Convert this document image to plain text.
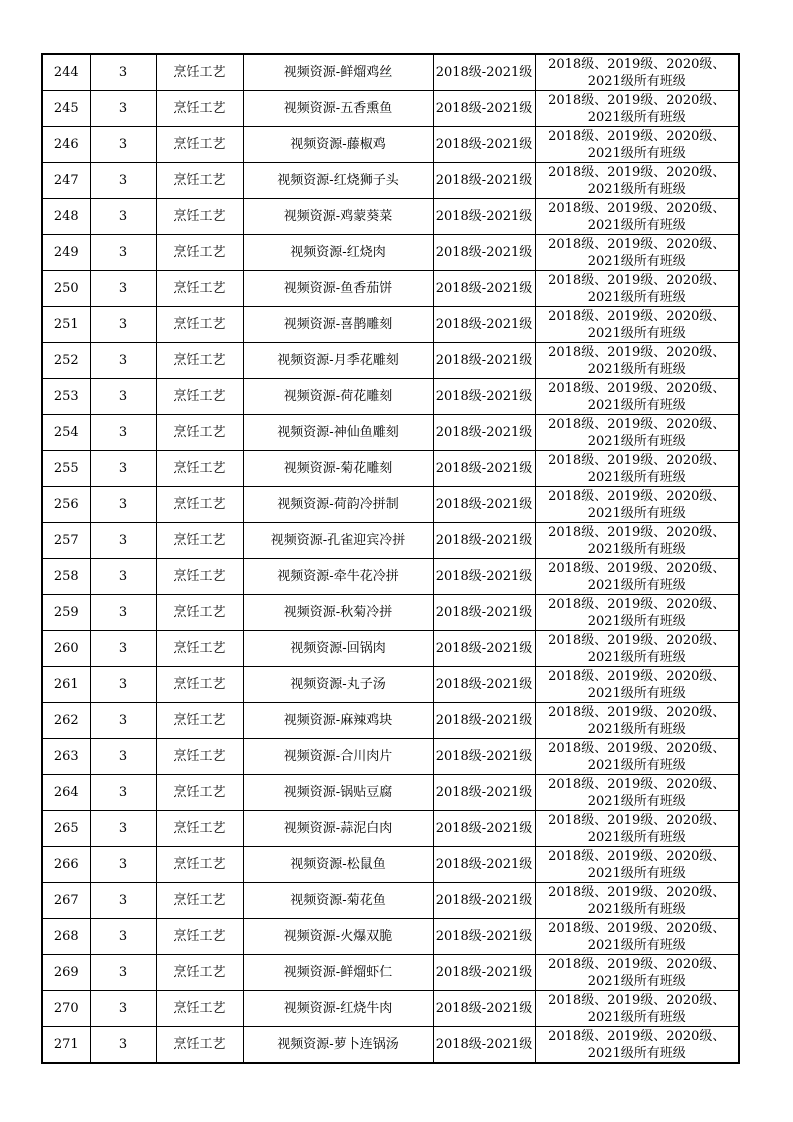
244	3	烹饪工艺	视频资源-鲜熘鸡丝	2018级-2021级	2018级、2019级、2020级、
2021级所有班级

245	3	烹饪工艺	视频资源-五香熏鱼	2018级-2021级	2018级、2019级、2020级、
2021级所有班级

246	3	烹饪工艺	视频资源-藤椒鸡	2018级-2021级	2018级、2019级、2020级、
2021级所有班级

247	3	烹饪工艺	视频资源-红烧狮子头	2018级-2021级	2018级、2019级、2020级、
2021级所有班级

248	3	烹饪工艺	视频资源-鸡蒙葵菜	2018级-2021级	2018级、2019级、2020级、
2021级所有班级

249	3	烹饪工艺	视频资源-红烧肉	2018级-2021级	2018级、2019级、2020级、
2021级所有班级

250	3	烹饪工艺	视频资源-鱼香茄饼	2018级-2021级	2018级、2019级、2020级、
2021级所有班级

251	3	烹饪工艺	视频资源-喜鹊雕刻	2018级-2021级	2018级、2019级、2020级、
2021级所有班级

252	3	烹饪工艺	视频资源-月季花雕刻	2018级-2021级	2018级、2019级、2020级、
2021级所有班级

253	3	烹饪工艺	视频资源-荷花雕刻	2018级-2021级	2018级、2019级、2020级、
2021级所有班级

254	3	烹饪工艺	视频资源-神仙鱼雕刻	2018级-2021级	2018级、2019级、2020级、
2021级所有班级

255	3	烹饪工艺	视频资源-菊花雕刻	2018级-2021级	2018级、2019级、2020级、
2021级所有班级

256	3	烹饪工艺	视频资源-荷韵冷拼制	2018级-2021级	2018级、2019级、2020级、
2021级所有班级

257	3	烹饪工艺	视频资源-孔雀迎宾冷拼	2018级-2021级	2018级、2019级、2020级、
2021级所有班级

258	3	烹饪工艺	视频资源-牵牛花冷拼	2018级-2021级	2018级、2019级、2020级、
2021级所有班级

259	3	烹饪工艺	视频资源-秋菊冷拼	2018级-2021级	2018级、2019级、2020级、
2021级所有班级

260	3	烹饪工艺	视频资源-回锅肉	2018级-2021级	2018级、2019级、2020级、
2021级所有班级

261	3	烹饪工艺	视频资源-丸子汤	2018级-2021级	2018级、2019级、2020级、
2021级所有班级

262	3	烹饪工艺	视频资源-麻辣鸡块	2018级-2021级	2018级、2019级、2020级、
2021级所有班级

263	3	烹饪工艺	视频资源-合川肉片	2018级-2021级	2018级、2019级、2020级、
2021级所有班级

264	3	烹饪工艺	视频资源-锅贴豆腐	2018级-2021级	2018级、2019级、2020级、
2021级所有班级

265	3	烹饪工艺	视频资源-蒜泥白肉	2018级-2021级	2018级、2019级、2020级、
2021级所有班级

266	3	烹饪工艺	视频资源-松鼠鱼	2018级-2021级	2018级、2019级、2020级、
2021级所有班级

267	3	烹饪工艺	视频资源-菊花鱼	2018级-2021级	2018级、2019级、2020级、
2021级所有班级

268	3	烹饪工艺	视频资源-火爆双脆	2018级-2021级	2018级、2019级、2020级、
2021级所有班级

269	3	烹饪工艺	视频资源-鲜熘虾仁	2018级-2021级	2018级、2019级、2020级、
2021级所有班级

270	3	烹饪工艺	视频资源-红烧牛肉	2018级-2021级	2018级、2019级、2020级、
2021级所有班级

271	3	烹饪工艺	视频资源-萝卜连锅汤	2018级-2021级	2018级、2019级、2020级、
2021级所有班级
